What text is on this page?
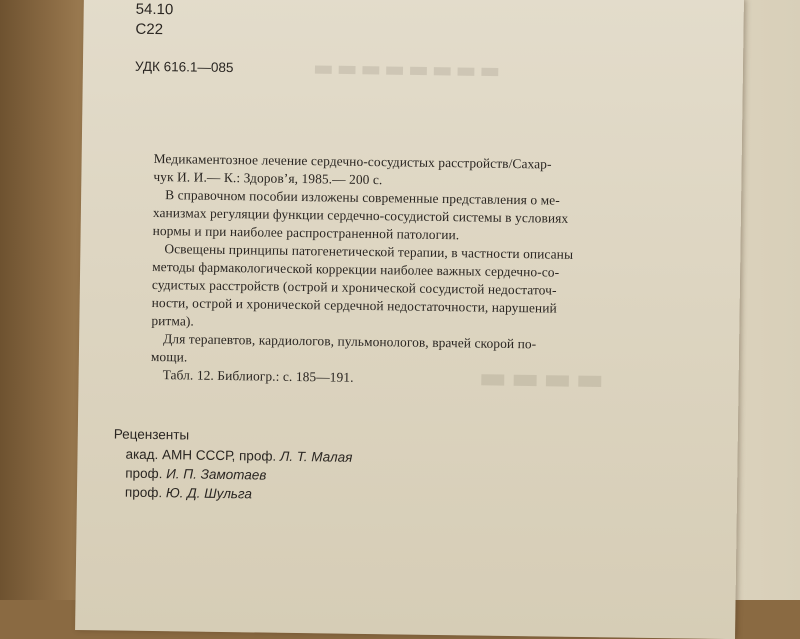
▬▬▬▬▬▬▬▬
▬▬▬▬
54.10
С22
УДК 616.1—085
Медикаментозное лечение сердечно-сосудистых расстройств/Сахар-
чук И. И.— К.: Здоров’я, 1985.— 200 с.
В справочном пособии изложены современные представления о ме-
ханизмах регуляции функции сердечно-сосудистой системы в условиях
нормы и при наиболее распространенной патологии.
Освещены принципы патогенетической терапии, в частности описаны
методы фармакологической коррекции наиболее важных сердечно-со-
судистых расстройств (острой и хронической сосудистой недостаточ-
ности, острой и хронической сердечной недостаточности, нарушений
ритма).
Для терапевтов, кардиологов, пульмонологов, врачей скорой по-
мощи.
Табл. 12. Библиогр.: с. 185—191.
Рецензенты
акад. АМН СССР, проф. Л. Т. Малая
проф. И. П. Замотаев
проф. Ю. Д. Шульга
